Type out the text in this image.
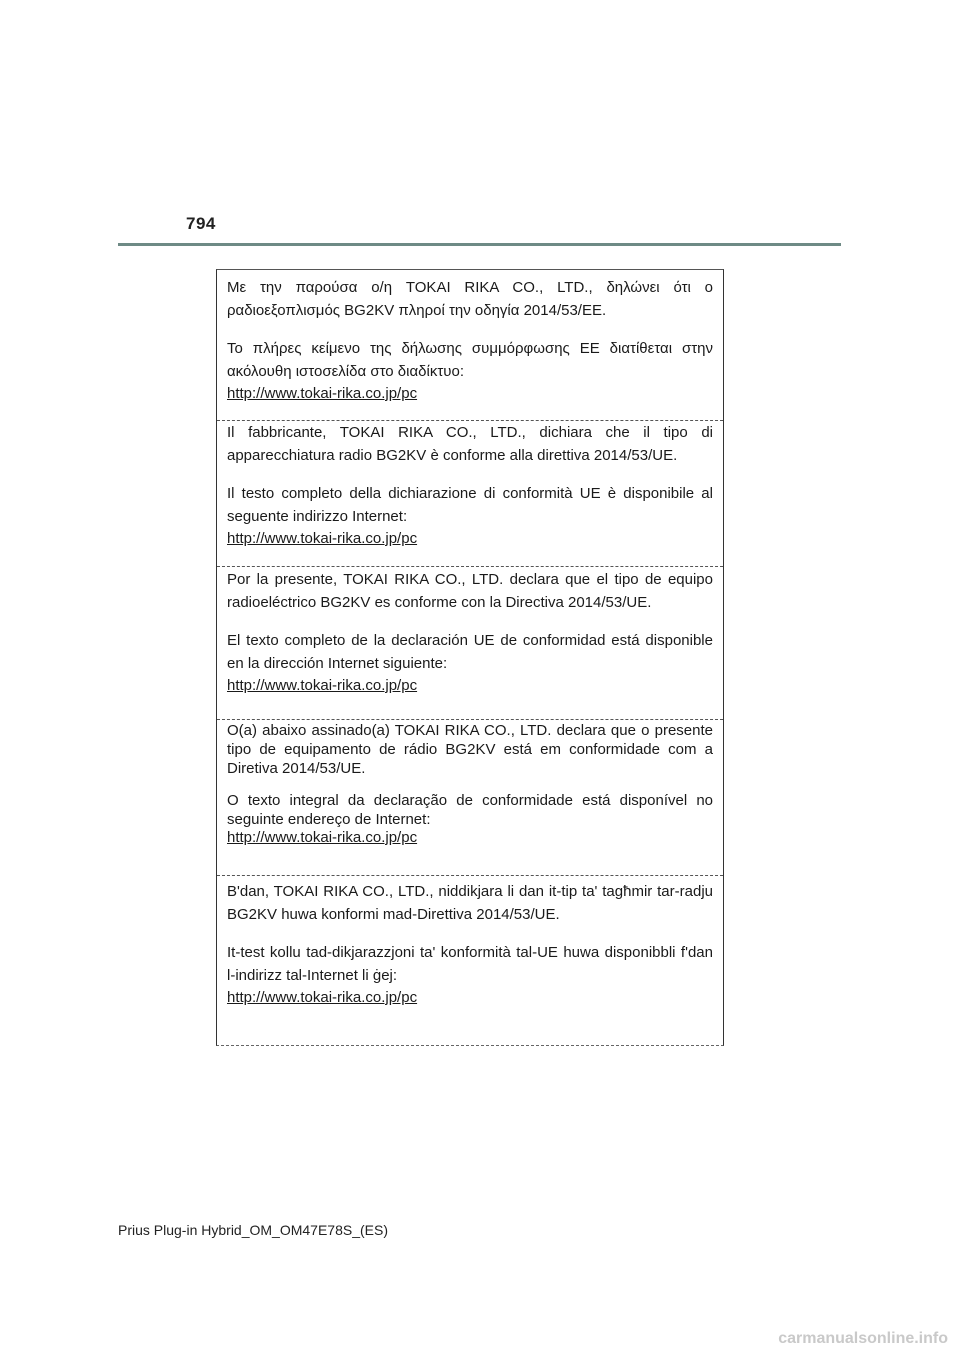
794

Με την παρούσα ο/η TOKAI RIKA CO., LTD., δηλώνει ότι ο ραδιοεξοπλισμός BG2KV πληροί την οδηγία 2014/53/ΕΕ.

Το πλήρες κείμενο της δήλωσης συμμόρφωσης ΕΕ διατίθεται στην ακόλουθη ιστοσελίδα στο διαδίκτυο:

http://www.tokai-rika.co.jp/pc

Il fabbricante, TOKAI RIKA CO., LTD., dichiara che il tipo di apparecchiatura radio BG2KV è conforme alla direttiva 2014/53/UE.

Il testo completo della dichiarazione di conformità UE è disponibile al seguente indirizzo Internet:

http://www.tokai-rika.co.jp/pc

Por la presente, TOKAI RIKA CO., LTD. declara que el tipo de equipo radioeléctrico BG2KV es conforme con la Directiva 2014/53/UE.

El texto completo de la declaración UE de conformidad está disponible en la dirección Internet siguiente:

http://www.tokai-rika.co.jp/pc

O(a) abaixo assinado(a) TOKAI RIKA CO., LTD. declara que o presente tipo de equipamento de rádio BG2KV está em conformidade com a Diretiva 2014/53/UE.

O texto integral da declaração de conformidade está disponível no seguinte endereço de Internet:

http://www.tokai-rika.co.jp/pc

B'dan, TOKAI RIKA CO., LTD., niddikjara li dan it-tip ta' tagħmir tar-radju BG2KV huwa konformi mad-Direttiva 2014/53/UE.

It-test kollu tad-dikjarazzjoni ta' konformità tal-UE huwa disponibbli f'dan l-indirizz tal-Internet li ġej:

http://www.tokai-rika.co.jp/pc
Prius Plug-in Hybrid_OM_OM47E78S_(ES)
carmanualsonline.info
